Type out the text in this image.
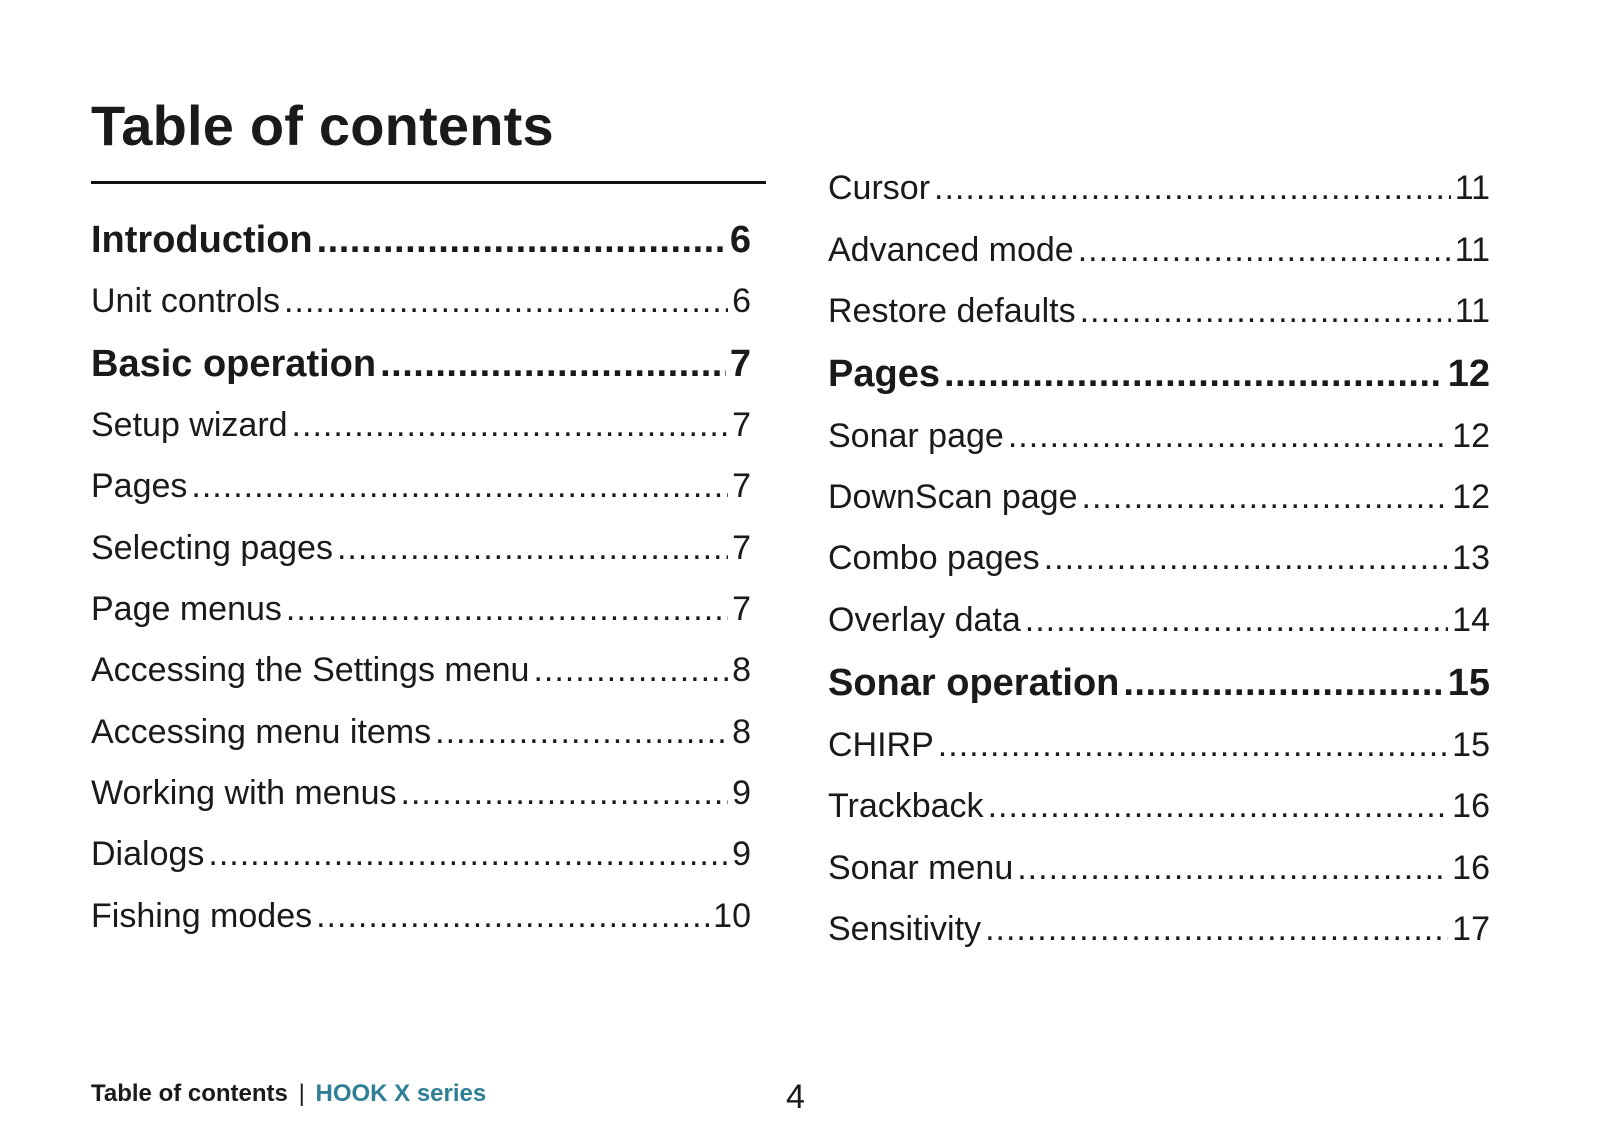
Table of contents
Introduction .....	6
Unit controls .....	6
Basic operation .....	7
Setup wizard .....	7
Pages .....	7
Selecting pages .....	7
Page menus .....	7
Accessing the Settings menu .....	8
Accessing menu items .....	8
Working with menus .....	9
Dialogs .....	9
Fishing modes .....	10
Cursor .....	11
Advanced mode .....	11
Restore defaults .....	11
Pages .....	12
Sonar page .....	12
DownScan page .....	12
Combo pages .....	13
Overlay data .....	14
Sonar operation .....	15
CHIRP .....	15
Trackback .....	16
Sonar menu .....	16
Sensitivity .....	17
Table of contents | HOOK X series	4
